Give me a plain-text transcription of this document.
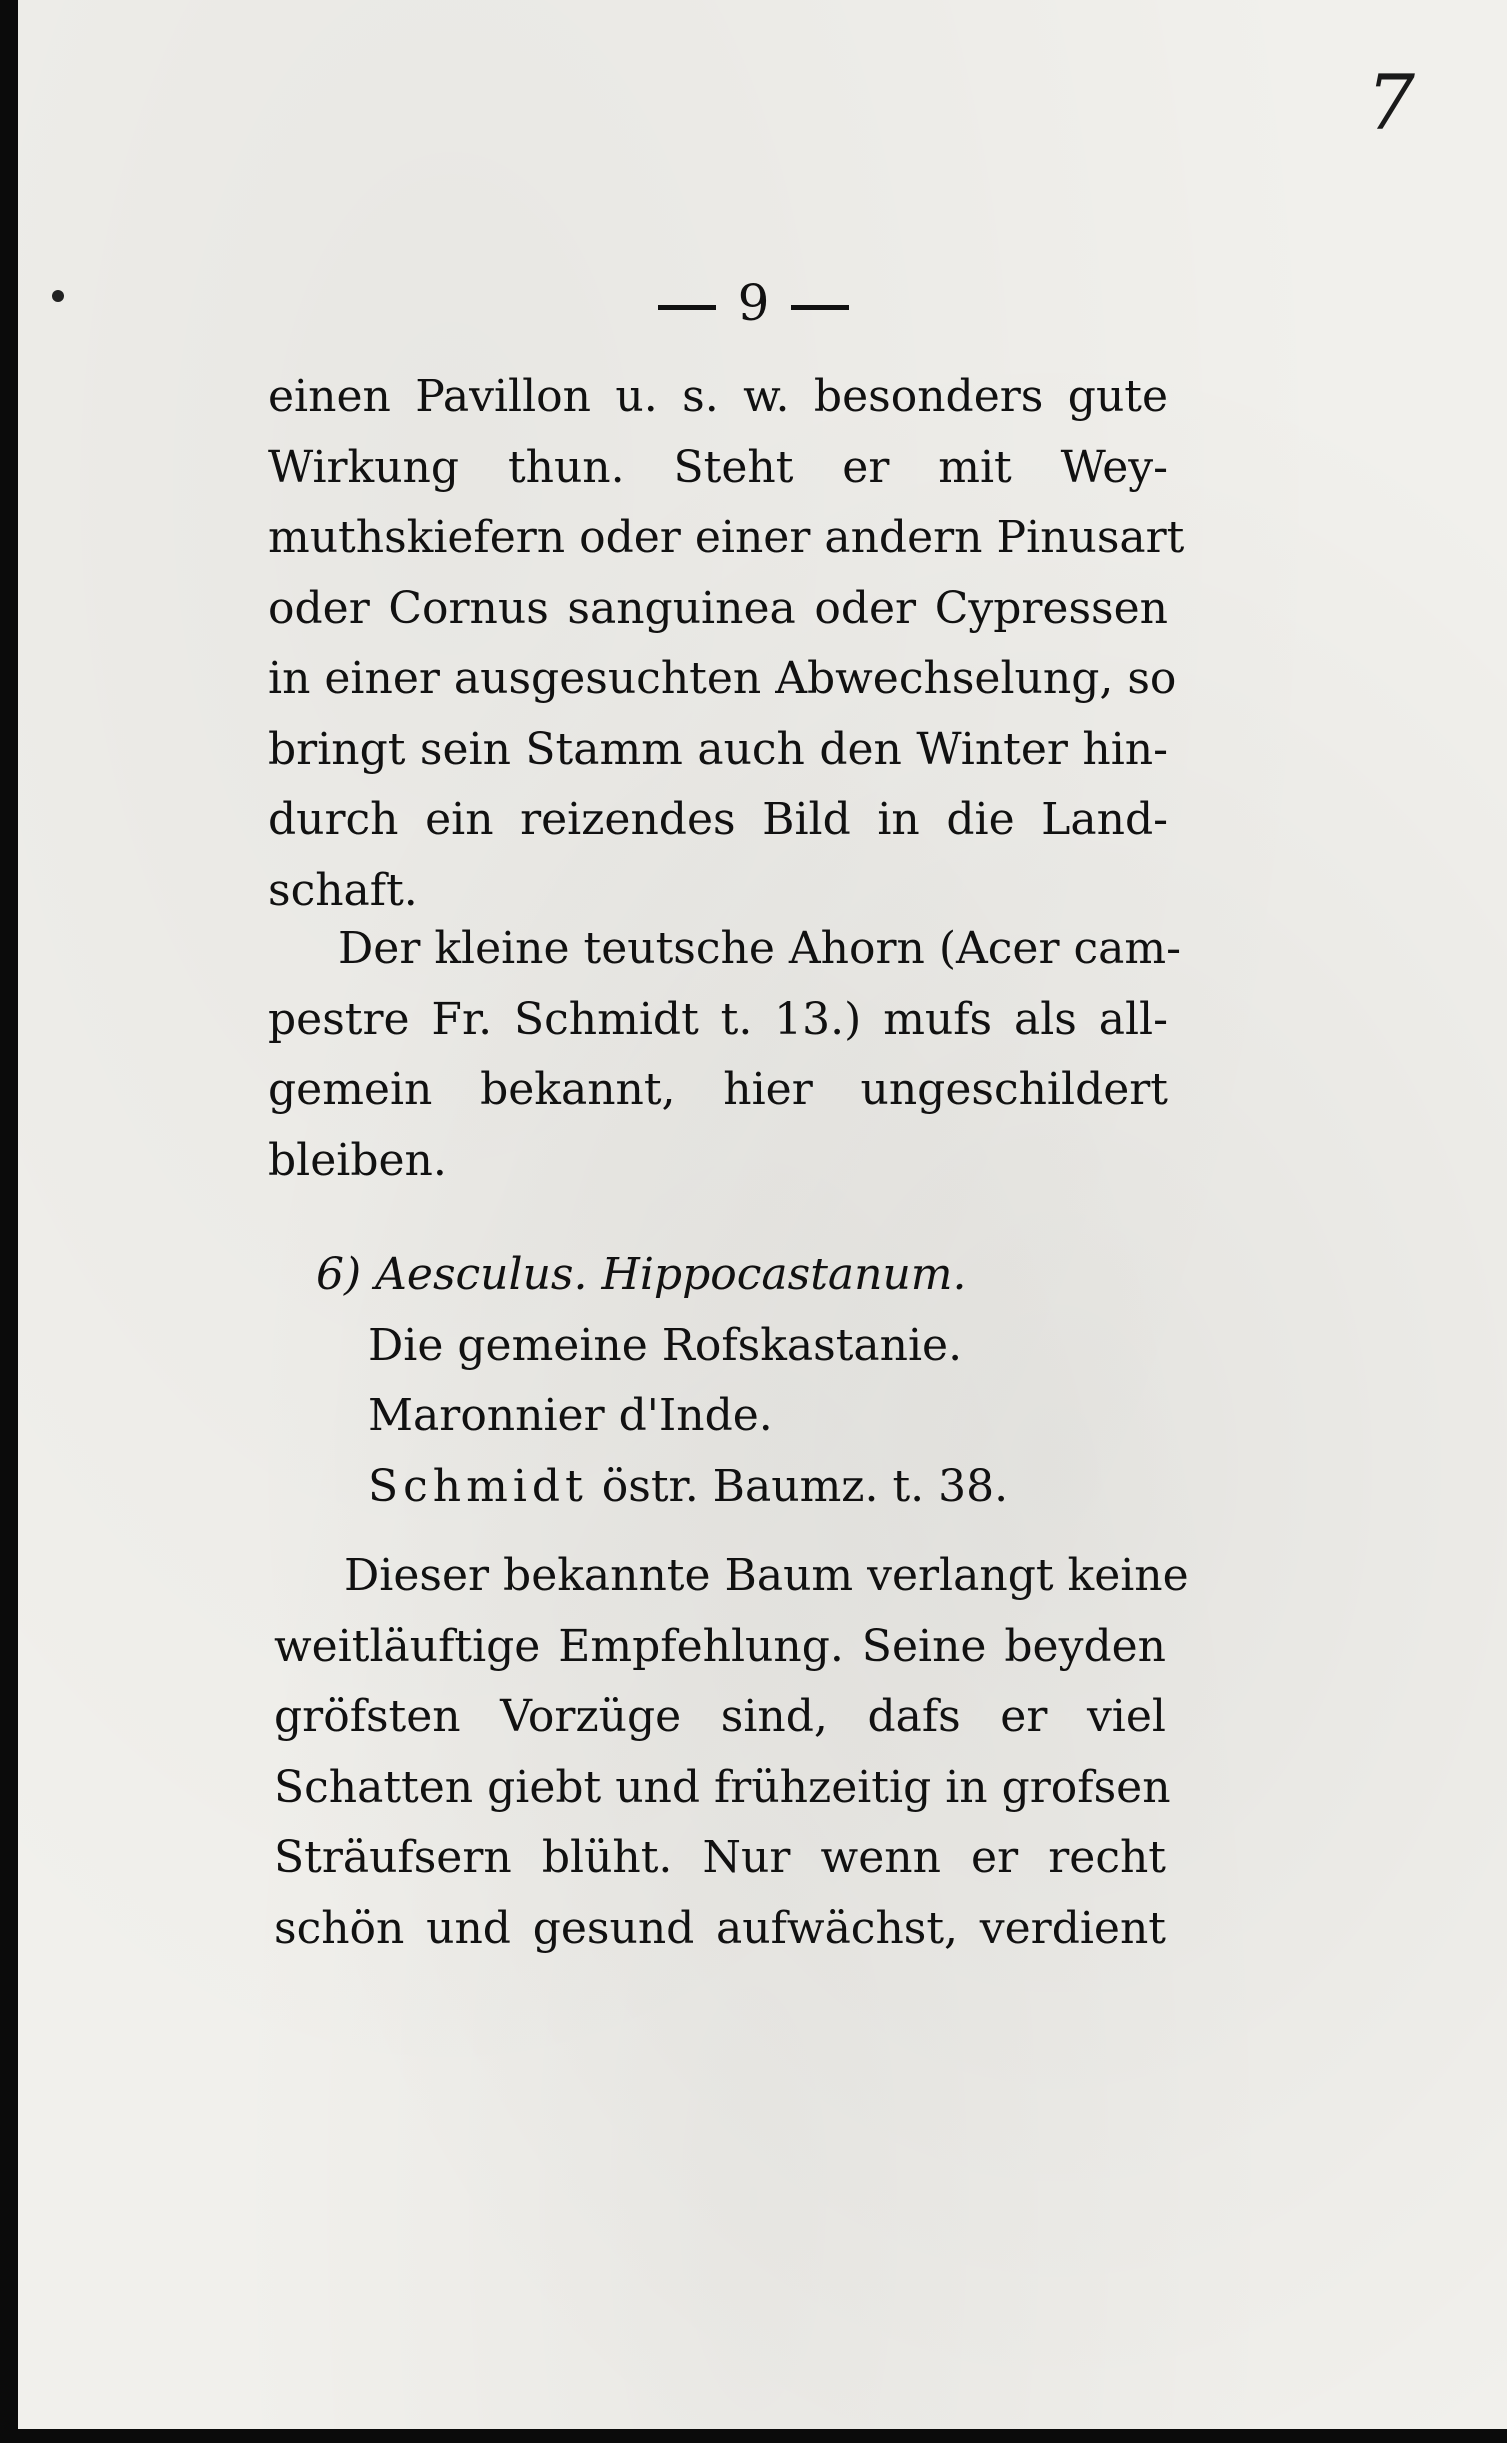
7
9
einen Pavillon u. s. w. besonders gute
Wirkung thun. Steht er mit Wey-
muthskiefern oder einer andern Pinusart
oder Cornus sanguinea oder Cypressen
in einer ausgesuchten Abwechselung, so
bringt sein Stamm auch den Winter hin-
durch ein reizendes Bild in die Land-
schaft.
Der kleine teutsche Ahorn (Acer cam-
pestre Fr. Schmidt t. 13.) mufs als all-
gemein bekannt, hier ungeschildert
bleiben.
6) Aesculus. Hippocastanum.
Die gemeine Rofskastanie.
Maronnier d'Inde.
Schmidt östr. Baumz. t. 38.
Dieser bekannte Baum verlangt keine
weitläuftige Empfehlung. Seine beyden
gröfsten Vorzüge sind, dafs er viel
Schatten giebt und frühzeitig in grofsen
Sträufsern blüht. Nur wenn er recht
schön und gesund aufwächst, verdient
